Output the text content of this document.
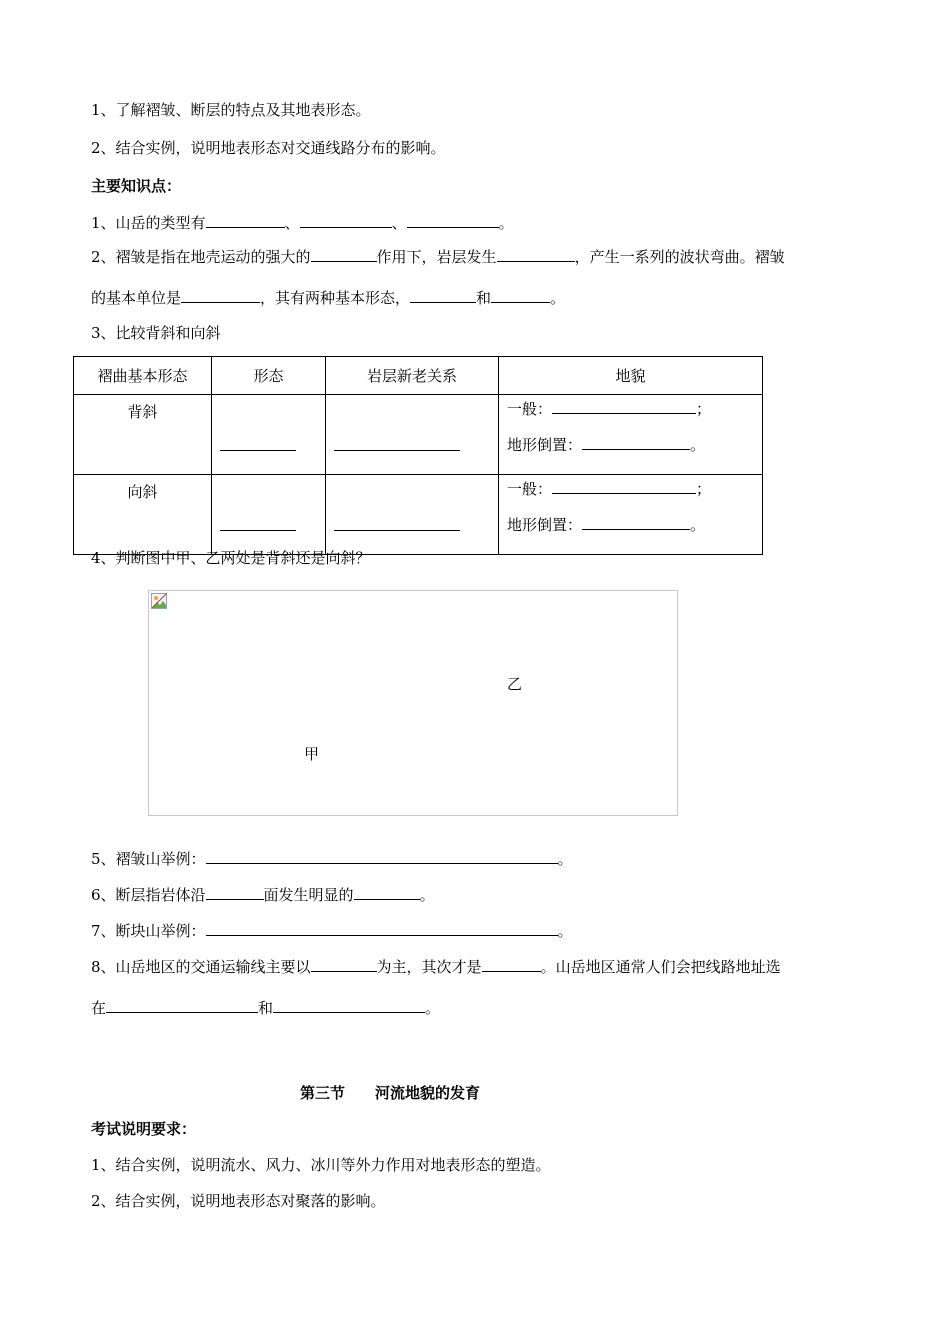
1、了解褶皱、断层的特点及其地表形态。
2、结合实例，说明地表形态对交通线路分布的影响。
主要知识点：
1、山岳的类型有	、	、	。
2、褶皱是指在地壳运动的强大的	作用下，岩层发生	，产生一系列的波状弯曲。褶皱
的基本单位是	，其有两种基本形态，	和	。
3、比较背斜和向斜
褶曲基本形态	形态	岩层新老关系	地貌
背斜			一般： ；
地形倒置： 。

向斜			一般： ；
地形倒置： 。
4、判断图中甲、乙两处是背斜还是向斜？
乙
甲
5、褶皱山举例：	。
6、断层指岩体沿	面发生明显的	。
7、断块山举例：	。
8、山岳地区的交通运输线主要以	为主，其次才是	。山岳地区通常人们会把线路地址选
在	和	。
第三节　　河流地貌的发育
考试说明要求：
1、结合实例，说明流水、风力、冰川等外力作用对地表形态的塑造。
2、结合实例，说明地表形态对聚落的影响。
